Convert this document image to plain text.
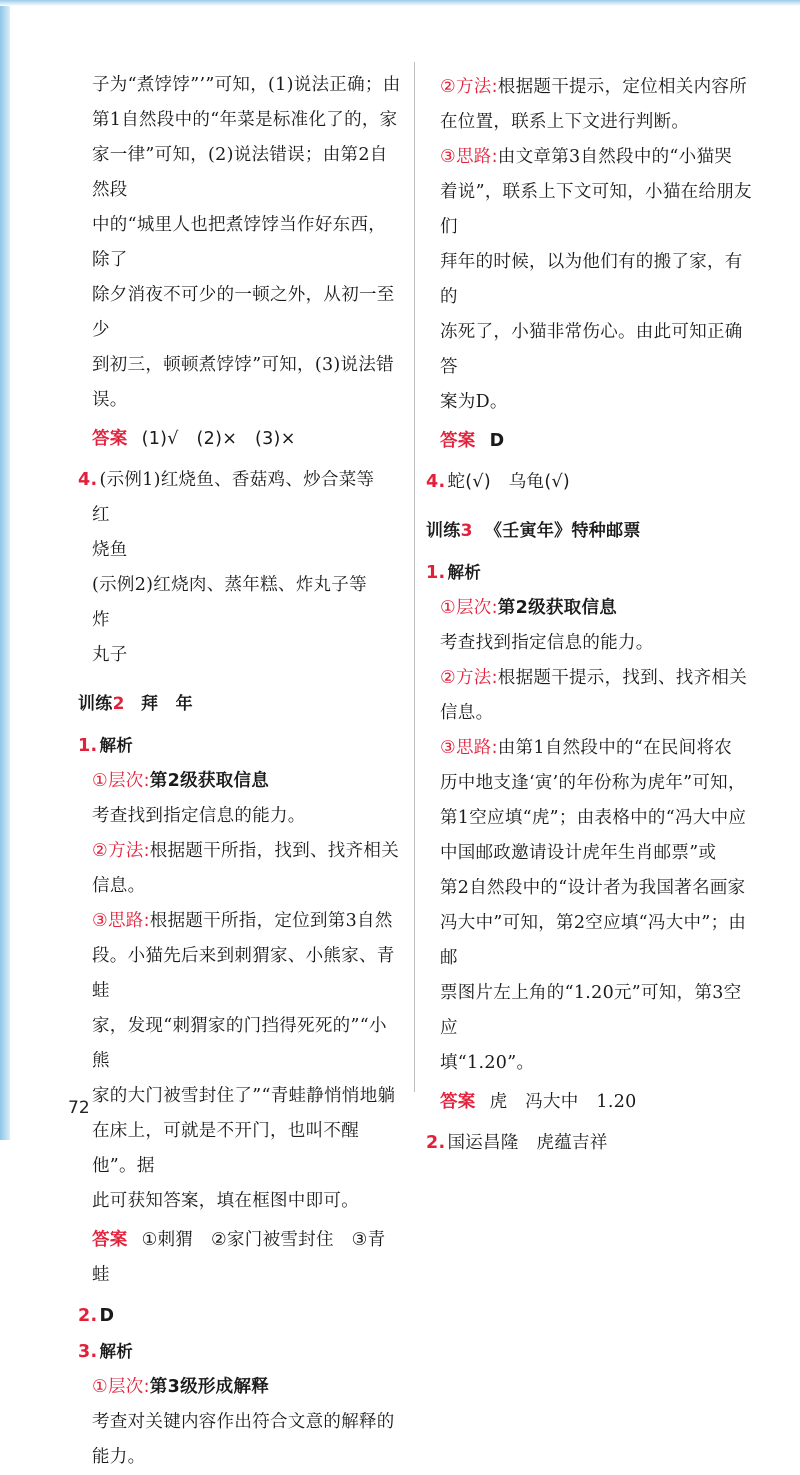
子为“煮饽饽”’”可知，(1)说法正确；由

第1自然段中的“年菜是标准化了的，家

家一律”可知，(2)说法错误；由第2自然段

中的“城里人也把煮饽饽当作好东西，除了

除夕消夜不可少的一顿之外，从初一至少

到初三，顿顿煮饽饽”可知，(3)说法错误。

答案 (1)√　(2)×　(3)×

4. (示例1)红烧鱼、香菇鸡、炒合菜等　红

烧鱼

(示例2)红烧肉、蒸年糕、炸丸子等　炸

丸子

训练2 拜　年

1. 解析

①层次:第2级获取信息

考查找到指定信息的能力。

②方法:根据题干所指，找到、找齐相关

信息。

③思路:根据题干所指，定位到第3自然

段。小猫先后来到刺猬家、小熊家、青蛙

家，发现“刺猬家的门挡得死死的”“小熊

家的大门被雪封住了”“青蛙静悄悄地躺

在床上，可就是不开门，也叫不醒他”。据

此可获知答案，填在框图中即可。

答案 ①刺猬　②家门被雪封住　③青蛙

2. D

3. 解析

①层次:第3级形成解释

考查对关键内容作出符合文意的解释的

能力。

②方法:根据题干提示，定位相关内容所

在位置，联系上下文进行判断。

③思路:由文章第3自然段中的“小猫哭

着说”，联系上下文可知，小猫在给朋友们

拜年的时候，以为他们有的搬了家，有的

冻死了，小猫非常伤心。由此可知正确答

案为D。

答案 D

4. 蛇(√)　乌龟(√)

训练3 《壬寅年》特种邮票

1. 解析

①层次:第2级获取信息

考查找到指定信息的能力。

②方法:根据题干提示，找到、找齐相关

信息。

③思路:由第1自然段中的“在民间将农

历中地支逢‘寅’的年份称为虎年”可知，

第1空应填“虎”；由表格中的“冯大中应

中国邮政邀请设计虎年生肖邮票”或

第2自然段中的“设计者为我国著名画家

冯大中”可知，第2空应填“冯大中”；由邮

票图片左上角的“1.20元”可知，第3空应

填“1.20”。

答案 虎　冯大中　1.20

2. 国运昌隆　虎蕴吉祥

72
